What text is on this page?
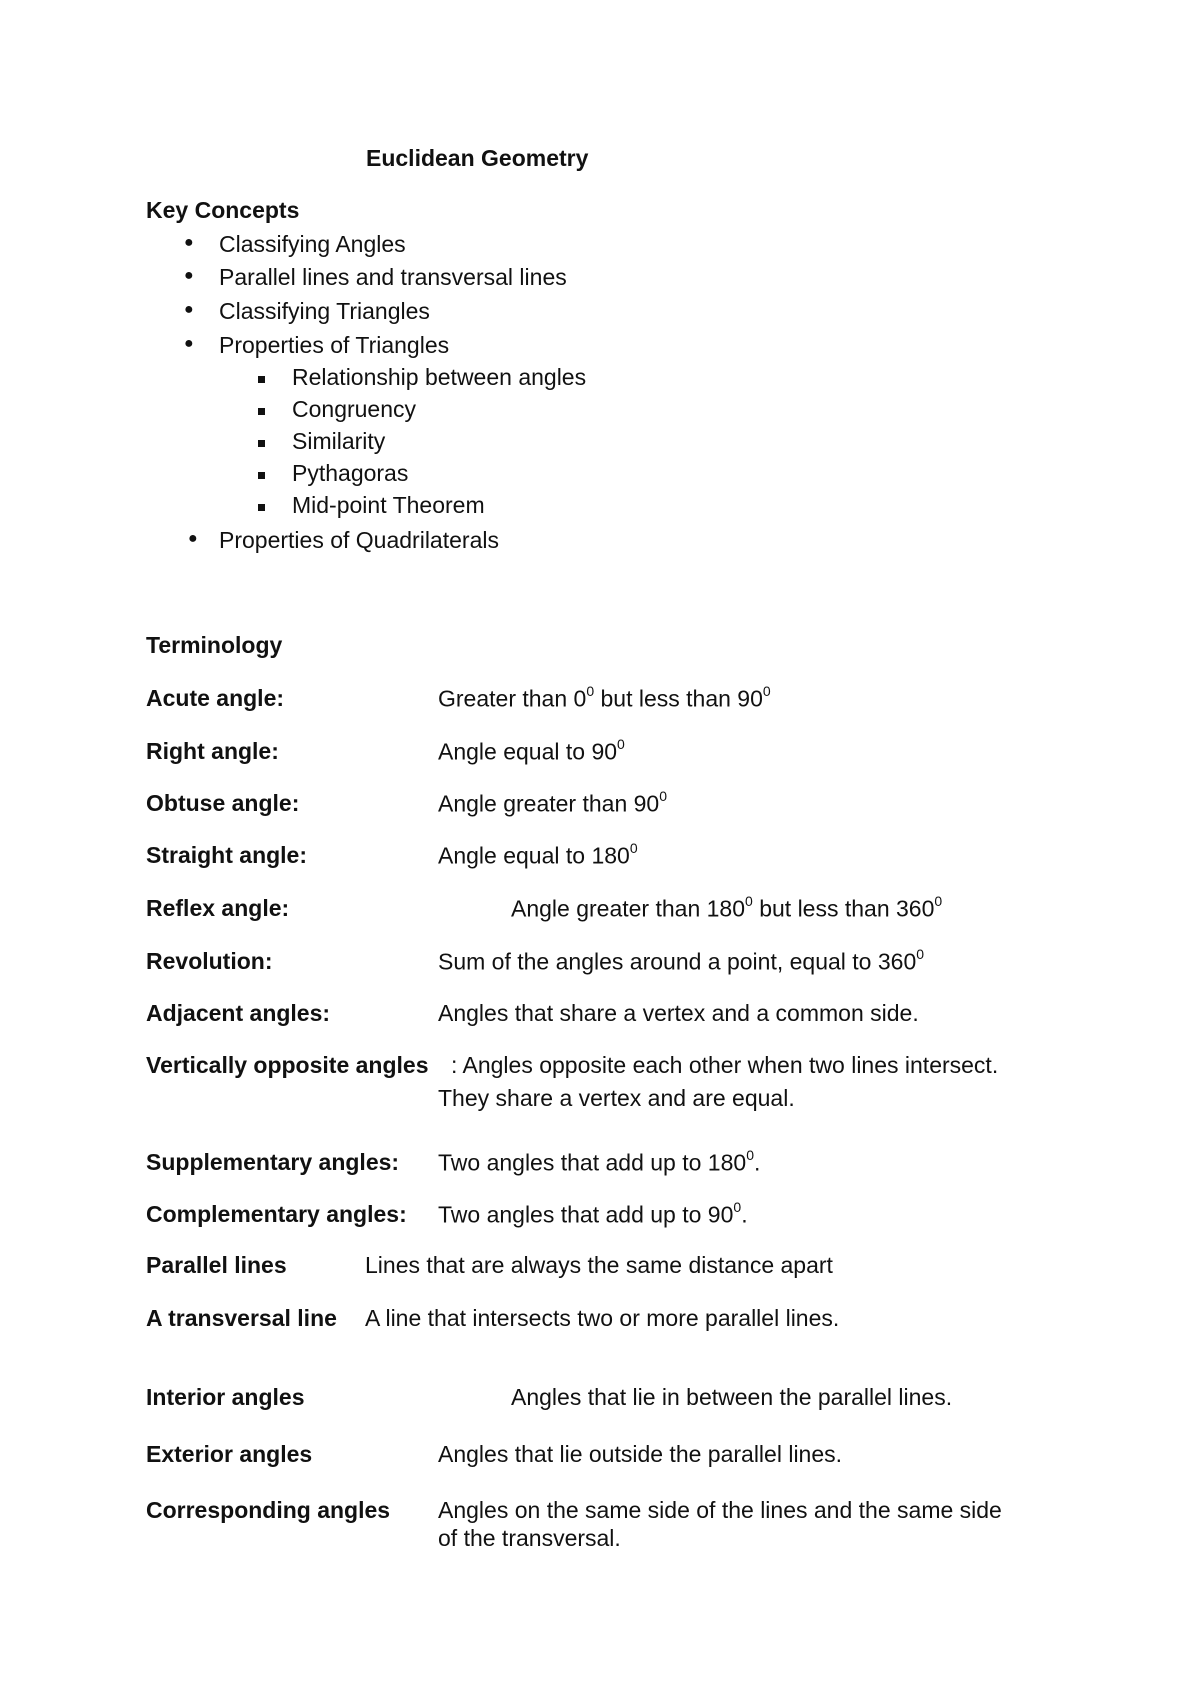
Euclidean Geometry
Key Concepts
● Classifying Angles
● Parallel lines and transversal lines
● Classifying Triangles
● Properties of Triangles
Relationship between angles
Congruency
Similarity
Pythagoras
Mid-point Theorem
● Properties of Quadrilaterals
Terminology
Acute angle:	Greater than $0^0$ but less than $90^0$
Right angle:	Angle equal to $90^0$
Obtuse angle:	Angle greater than $90^0$
Straight angle:	Angle equal to $180^0$
Reflex angle:	Angle greater than $180^0$ but less than $360^0$
Revolution:	Sum of the angles around a point, equal to $360^0$
Adjacent angles:	Angles that share a vertex and a common side.
Vertically opposite angles : Angles opposite each other when two lines intersect.
They share a vertex and are equal.
Supplementary angles: Two angles that add up to $180^0$.
Complementary angles: Two angles that add up to $90^0$.
Parallel lines	Lines that are always the same distance apart
A transversal line A line that intersects two or more parallel lines.
Interior angles	Angles that lie in between the parallel lines.
Exterior angles	Angles that lie outside the parallel lines.
Corresponding angles Angles on the same side of the lines and the same side
of the transversal.
